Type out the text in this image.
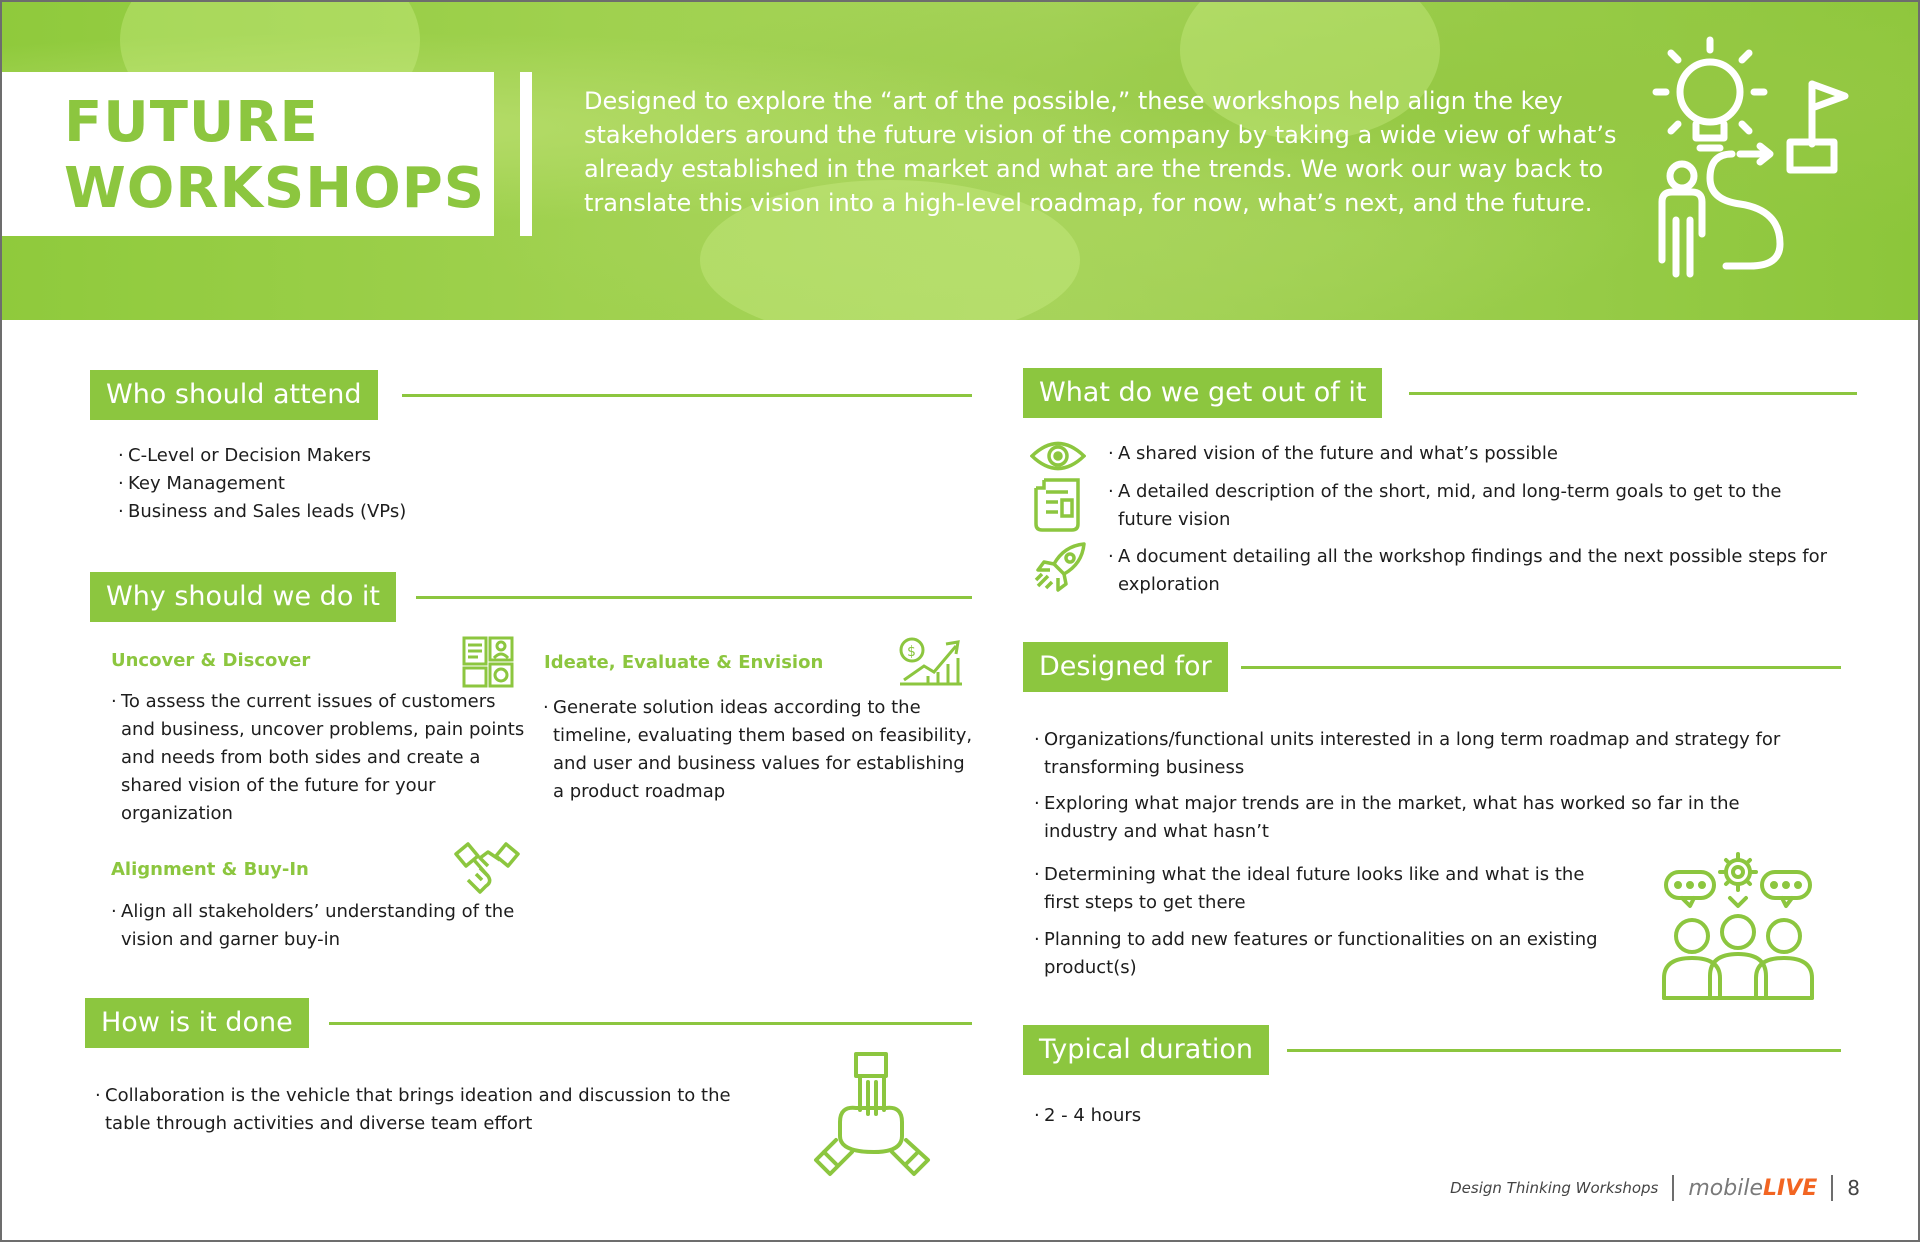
FUTURE
WORKSHOPS
Designed to explore the “art of the possible,” these workshops help align the key stakeholders around the future vision of the company by taking a wide view of what’s already established in the market and what are the trends. We work our way back to translate this vision into a high-level roadmap, for now, what’s next, and the future.
Who should attend
· C-Level or Decision Makers
· Key Management
· Business and Sales leads (VPs)
Why should we do it
Uncover & Discover
· To assess the current issues of customers and business, uncover problems, pain points and needs from both sides and create a shared vision of the future for your organization
Ideate, Evaluate & Envision	$
· Generate solution ideas according to the timeline, evaluating them based on feasibility, and user and business values for establishing a product roadmap
Alignment & Buy-In
· Align all stakeholders’ understanding of the vision and garner buy-in
How is it done
· Collaboration is the vehicle that brings ideation and discussion to the table through activities and diverse team effort
What do we get out of it
· A shared vision of the future and what’s possible
· A detailed description of the short, mid, and long-term goals to get to the future vision
· A document detailing all the workshop findings and the next possible steps for exploration
Designed for
· Organizations/functional units interested in a long term roadmap and strategy for transforming business
· Exploring what major trends are in the market, what has worked so far in the industry and what hasn’t
· Determining what the ideal future looks like and what is the first steps to get there
· Planning to add new features or functionalities on an existing product(s)
Typical duration
· 2 - 4 hours
Design Thinking Workshops mobileLIVE 8
